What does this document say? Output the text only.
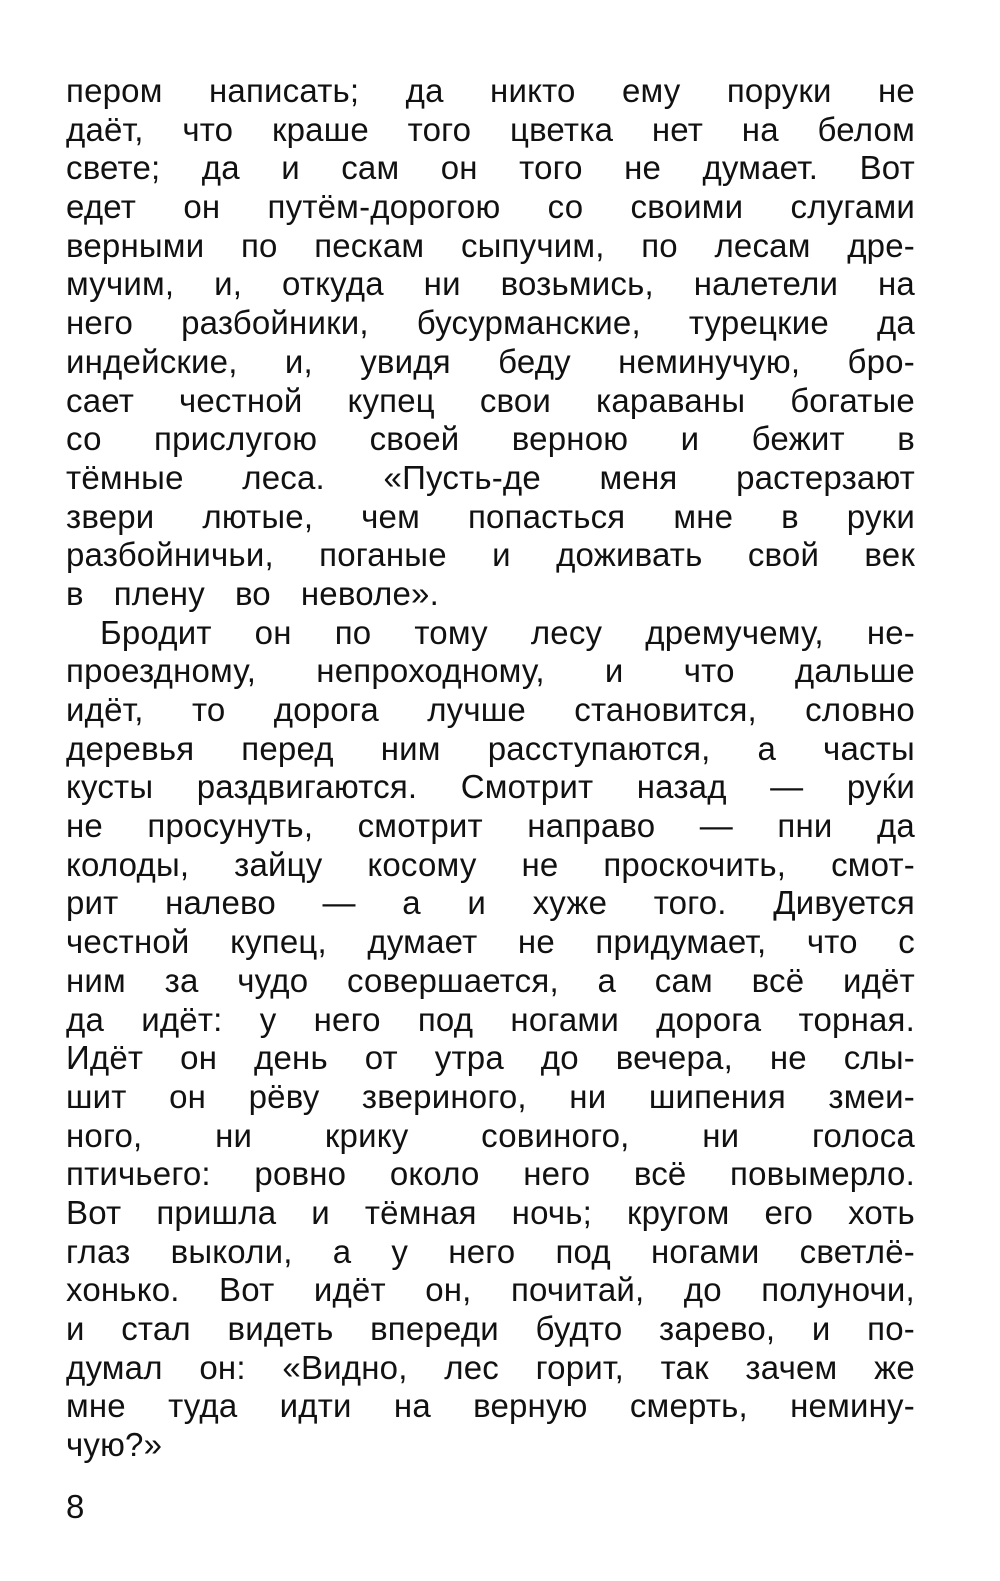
пером написать; да никто ему поруки не
даёт, что краше того цветка нет на белом
свете; да и сам он того не думает. Вот
едет он путём-дорогою со своими слугами
верными по пескам сыпучим, по лесам дре-
мучим, и, откуда ни возьмись, налетели на
него разбойники, бусурманские, турецкие да
индейские, и, увидя беду неминучую, бро-
сает честной купец свои караваны богатые
со прислугою своей верною и бежит в
тёмные леса. «Пусть-де меня растерзают
звери лютые, чем попасться мне в руки
разбойничьи, поганые и доживать свой век
в плену во неволе».
Бродит он по тому лесу дремучему, не-
проездному, непроходному, и что дальше
идёт, то дорога лучше становится, словно
деревья перед ним расступаются, а часты
кусты раздвигаются. Смотрит назад — руќи
не просунуть, смотрит направо — пни да
колоды, зайцу косому не проскочить, смот-
рит налево — а и хуже того. Дивуется
честной купец, думает не придумает, что с
ним за чудо совершается, а сам всё идёт
да идёт: у него под ногами дорога торная.
Идёт он день от утра до вечера, не слы-
шит он рёву звериного, ни шипения змеи-
ного, ни крику совиного, ни голоса
птичьего: ровно около него всё повымерло.
Вот пришла и тёмная ночь; кругом его хоть
глаз выколи, а у него под ногами светлё-
хонько. Вот идёт он, почитай, до полуночи,
и стал видеть впереди будто зарево, и по-
думал он: «Видно, лес горит, так зачем же
мне туда идти на верную смерть, немину-
чую?»
8
